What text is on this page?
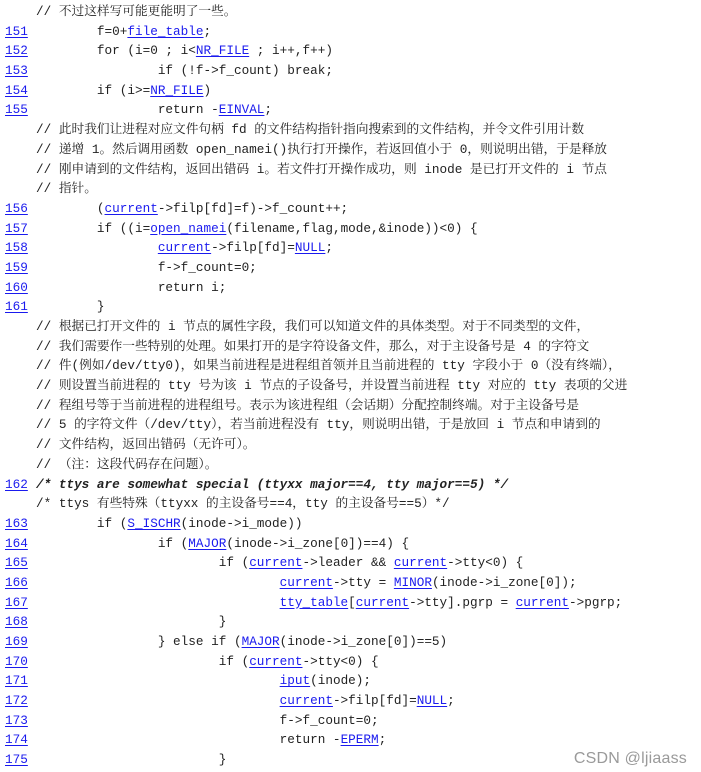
// 不过这样写可能更能明了一些。
151 f=0+file_table;
152 for (i=0 ; i<NR_FILE ; i++,f++)
153 if (!f->f_count) break;
154 if (i>=NR_FILE)
155 return -EINVAL;
// 此时我们让进程对应文件句柄 fd 的文件结构指针指向搜索到的文件结构，并令文件引用计数
// 递增 1。然后调用函数 open_namei()执行打开操作，若返回值小于 0，则说明出错，于是释放
// 刚申请到的文件结构，返回出错码 i。若文件打开操作成功，则 inode 是已打开文件的 i 节点
// 指针。
156 (current->filp[fd]=f)->f_count++;
157 if ((i=open_namei(filename,flag,mode,&inode))<0) {
158	current->filp[fd]=NULL;
159 f->f_count=0;
160 return i;
161 }
// 根据已打开文件的 i 节点的属性字段，我们可以知道文件的具体类型。对于不同类型的文件，
// 我们需要作一些特别的处理。如果打开的是字符设备文件，那么，对于主设备号是 4 的字符文
// 件(例如/dev/tty0)，如果当前进程是进程组首领并且当前进程的 tty 字段小于 0（没有终端），
// 则设置当前进程的 tty 号为该 i 节点的子设备号，并设置当前进程 tty 对应的 tty 表项的父进
// 程组号等于当前进程的进程组号。表示为该进程组（会话期）分配控制终端。对于主设备号是
// 5 的字符文件（/dev/tty），若当前进程没有 tty，则说明出错，于是放回 i 节点和申请到的
// 文件结构，返回出错码（无许可）。
// （注：这段代码存在问题）。
162 /* ttys are somewhat special (ttyxx major==4, tty major==5) */
/* ttys 有些特殊（ttyxx 的主设备号==4，tty 的主设备号==5）*/
163 if (S_ISCHR(inode->i_mode))
164 if (MAJOR(inode->i_zone[0])==4) {
165 if (current->leader && current->tty<0) {
166	current->tty = MINOR(inode->i_zone[0]);
167	tty_table[current->tty].pgrp = current->pgrp;
168 }
169 } else if (MAJOR(inode->i_zone[0])==5)
170 if (current->tty<0) {
171	iput(inode);
172	current->filp[fd]=NULL;
173 f->f_count=0;
174 return -EPERM;
175 }	CSDN @ljiaass
